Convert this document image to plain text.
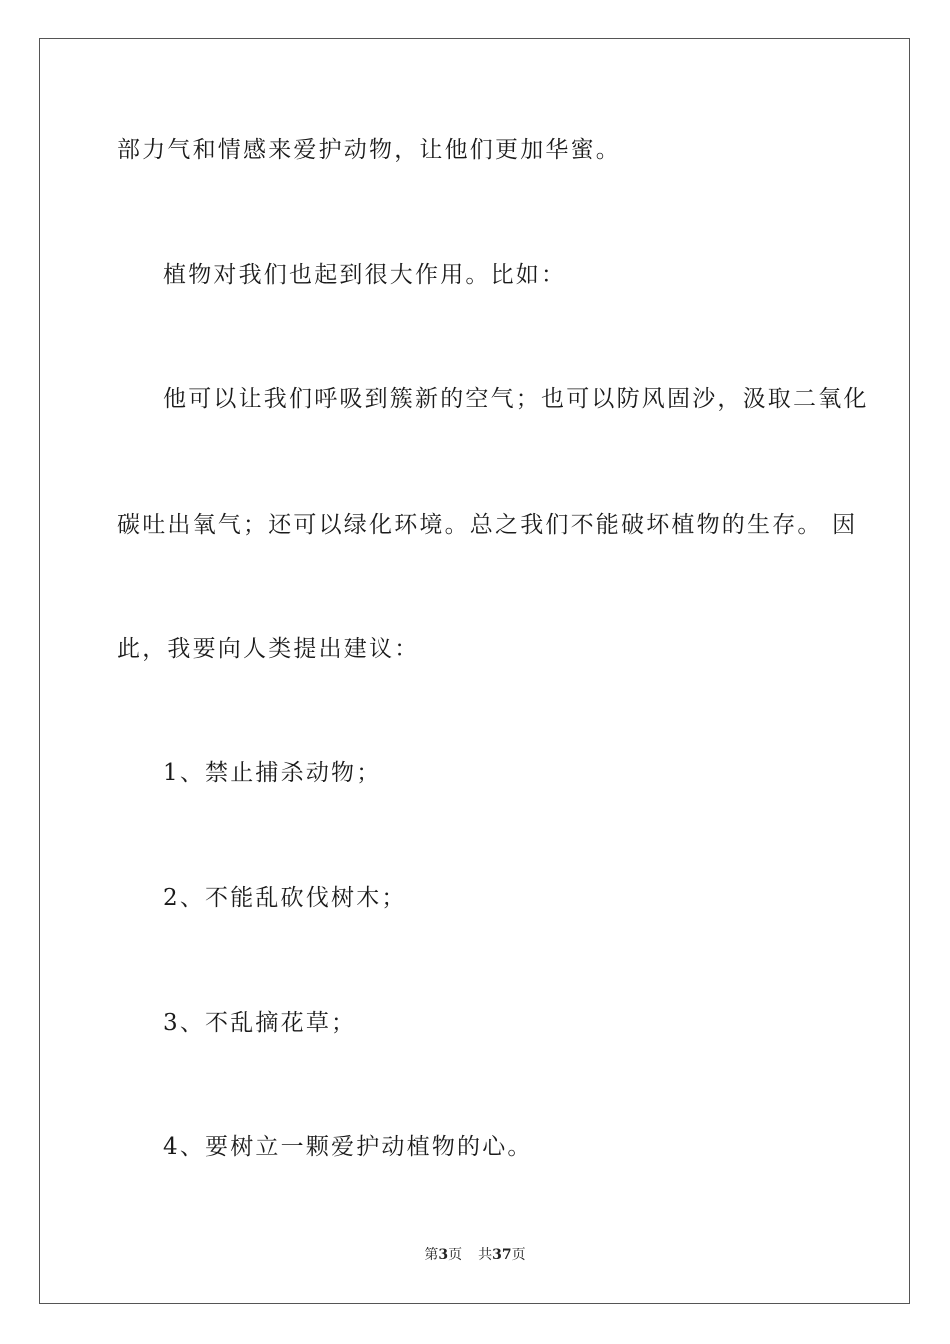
部力气和情感来爱护动物，让他们更加华蜜。
植物对我们也起到很大作用。比如：
他可以让我们呼吸到簇新的空气；也可以防风固沙，汲取二氧化
碳吐出氧气；还可以绿化环境。总之我们不能破坏植物的生存。 因
此，我要向人类提出建议：
1、禁止捕杀动物；
2、不能乱砍伐树木；
3、不乱摘花草；
4、要树立一颗爱护动植物的心。
第3页 共37页
